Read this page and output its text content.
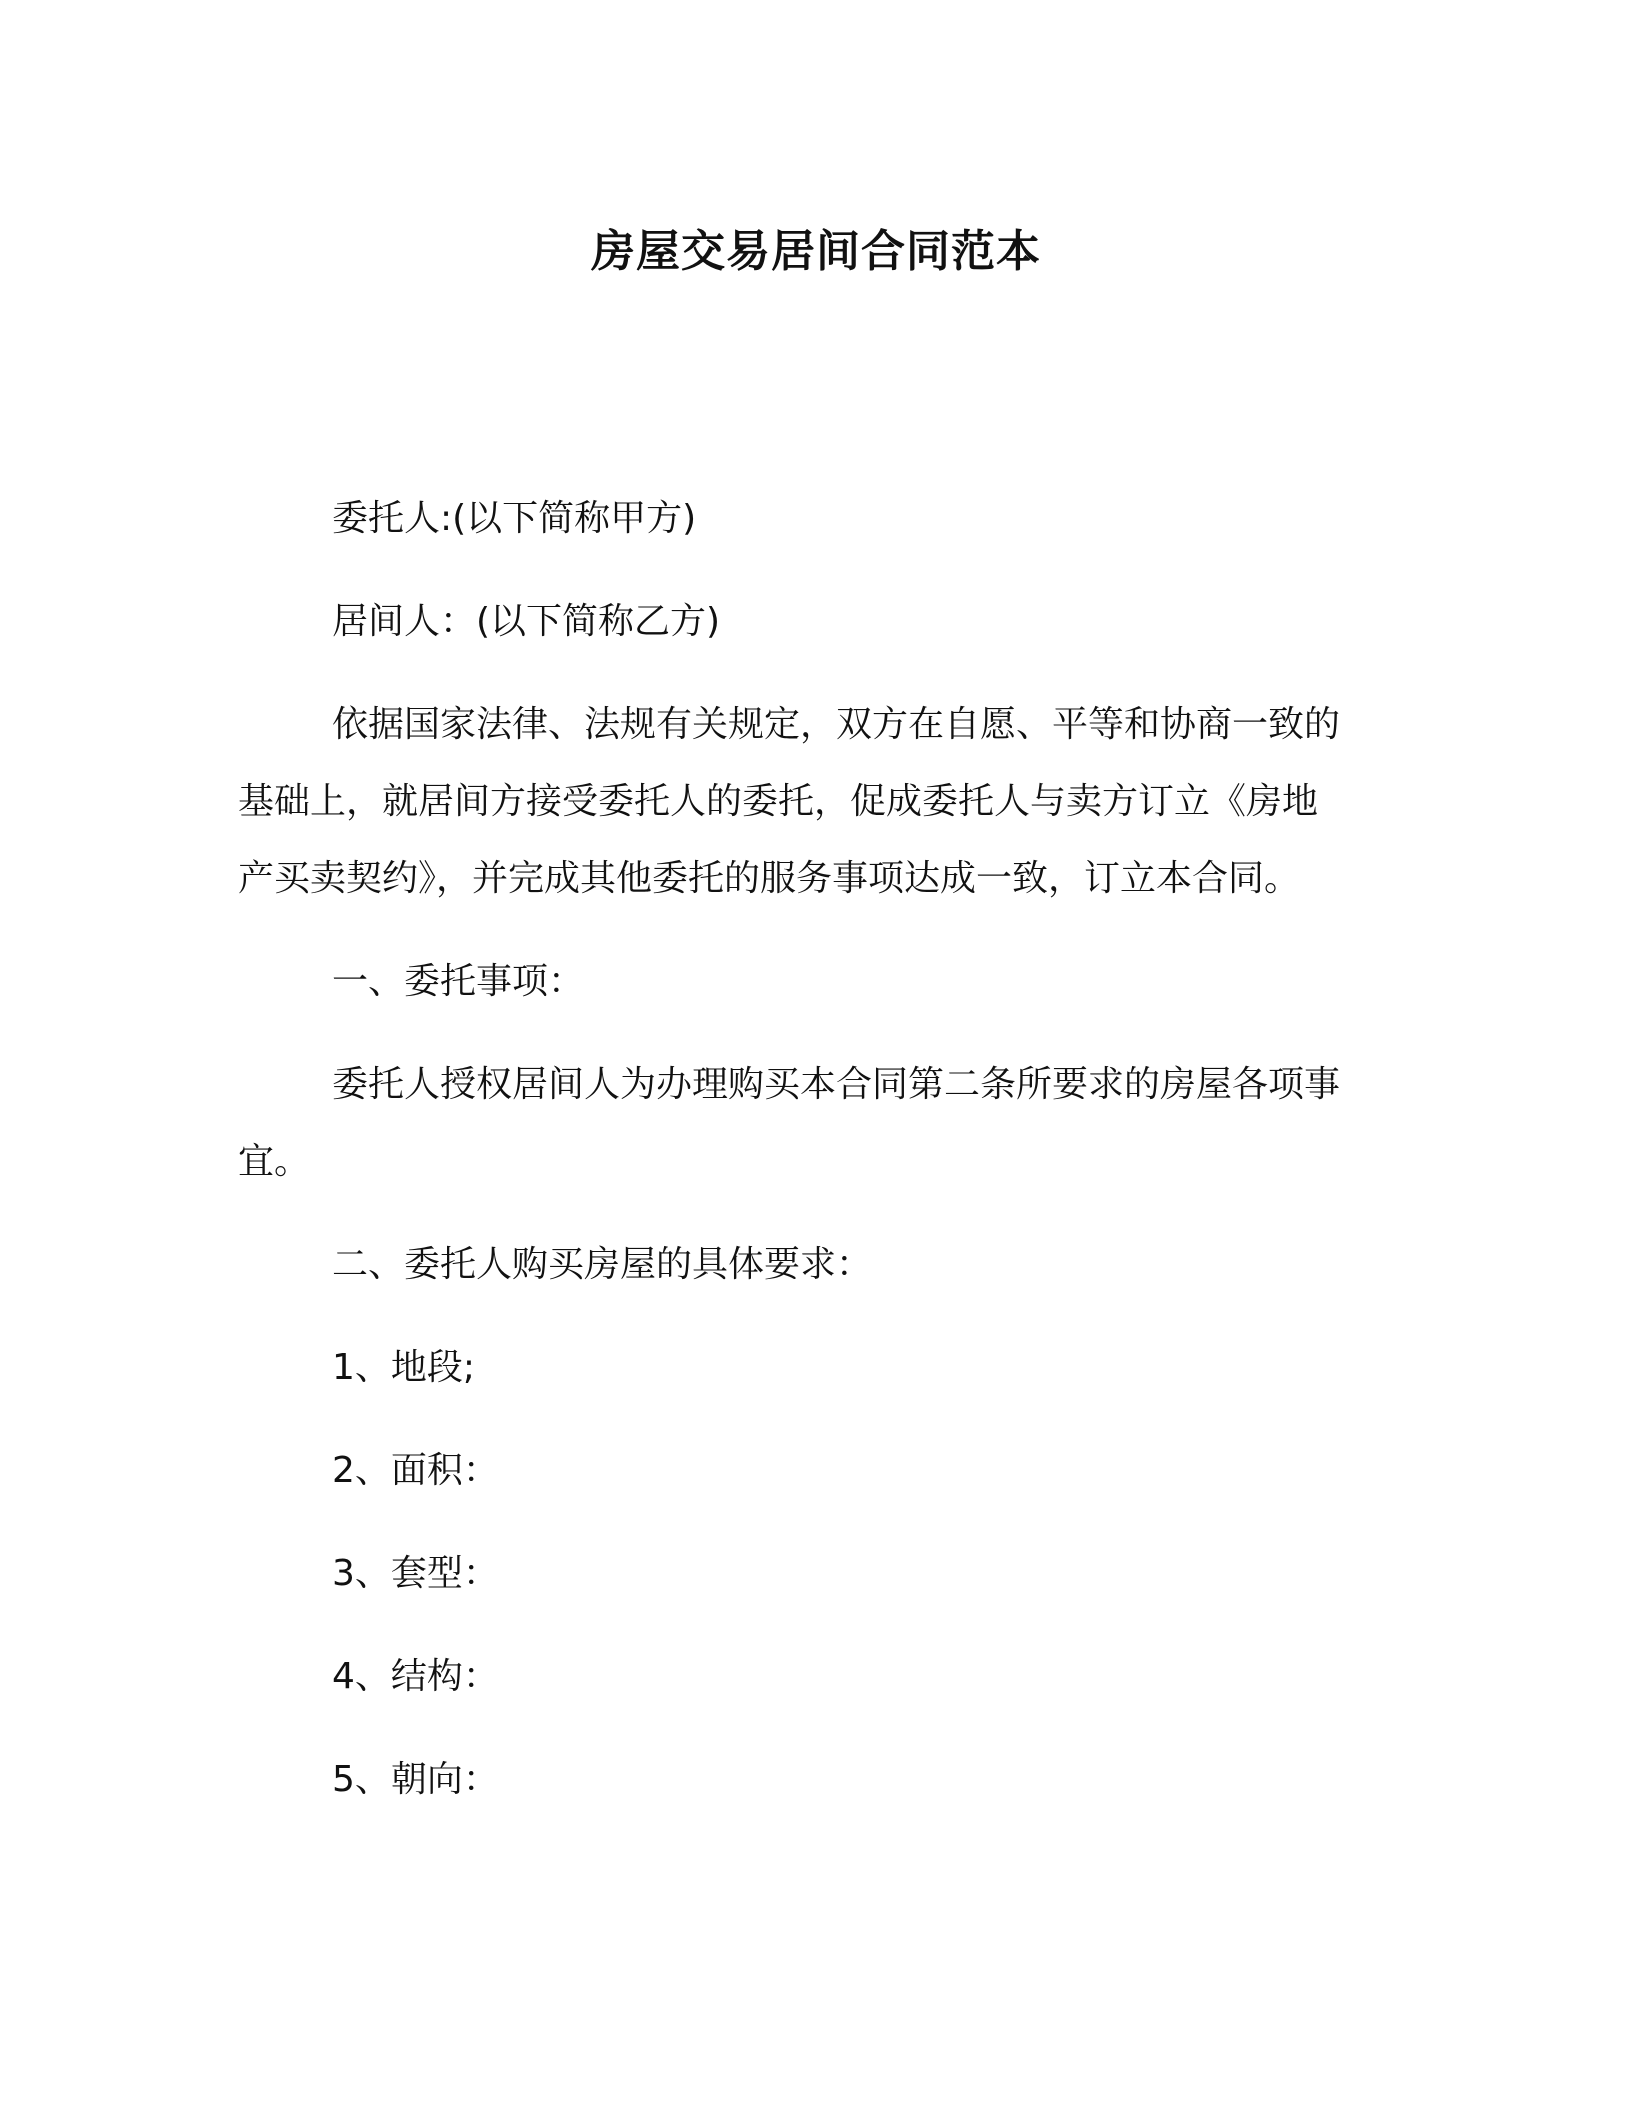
房屋交易居间合同范本
委托人:(以下简称甲方)
居间人：(以下简称乙方)
依据国家法律、法规有关规定，双方在自愿、平等和协商一致的
基础上，就居间方接受委托人的委托，促成委托人与卖方订立《房地
产买卖契约》，并完成其他委托的服务事项达成一致，订立本合同。
一、委托事项：
委托人授权居间人为办理购买本合同第二条所要求的房屋各项事
宜。
二、委托人购买房屋的具体要求：
1、地段;
2、面积：
3、套型：
4、结构：
5、朝向：
